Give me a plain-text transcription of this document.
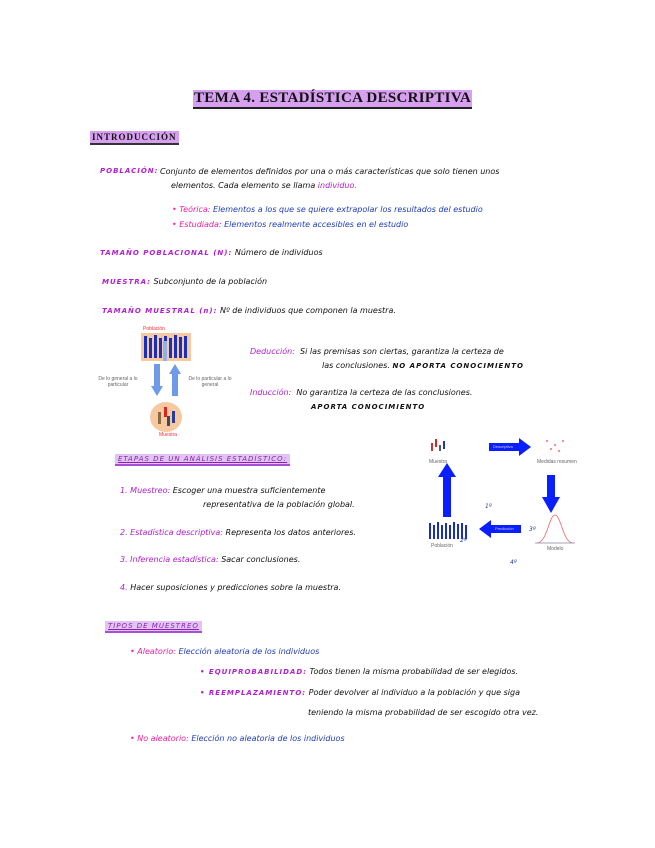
TEMA 4. ESTADÍSTICA DESCRIPTIVA
INTRODUCCIÓN
POBLACIÓN: Conjunto de elementos definidos por una o más características que solo tienen unos
elementos. Cada elemento se llama individuo.
• Teórica: Elementos a los que se quiere extrapolar los resultados del estudio
• Estudiada: Elementos realmente accesibles en el estudio
TAMAÑO POBLACIONAL (N): Número de individuos
MUESTRA: Subconjunto de la población
TAMAÑO MUESTRAL (n): Nº de individuos que componen la muestra.
Población
De lo general a lo particular
De lo particular a lo general
Muestra
Deducción: Si las premisas son ciertas, garantiza la certeza de
las conclusiones. NO APORTA CONOCIMIENTO
Inducción: No garantiza la certeza de las conclusiones.
APORTA CONOCIMIENTO
ETAPAS DE UN ANÁLISIS ESTADÍSTICO:
1. Muestreo: Escoger una muestra suficientemente
representativa de la población global.
2. Estadística descriptiva: Representa los datos anteriores.
3. Inferencia estadística: Sacar conclusiones.
4. Hacer suposiciones y predicciones sobre la muestra.
Muestra	Medidas resumen
Modelo
Población
Descriptiva
Predicción
1º
2º
3º
4º
TIPOS DE MUESTREO
• Aleatorio: Elección aleatoria de los individuos
• EQUIPROBABILIDAD: Todos tienen la misma probabilidad de ser elegidos.
• REEMPLAZAMIENTO: Poder devolver al individuo a la población y que siga
teniendo la misma probabilidad de ser escogido otra vez.
• No aleatorio: Elección no aleatoria de los individuos
